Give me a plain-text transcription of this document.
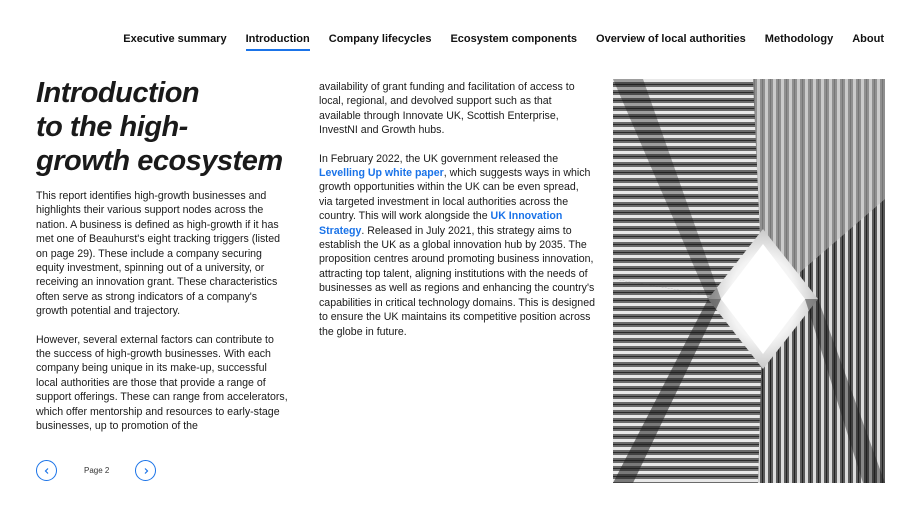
Executive summary Introduction Company lifecycles Ecosystem components Overview of local authorities Methodology About
Introduction
to the high-
growth ecosystem

This report identifies high-growth businesses and highlights their various support nodes across the nation. A business is defined as high-growth if it has met one of Beauhurst's eight tracking triggers (listed on page 29). These include a company securing equity investment, spinning out of a university, or receiving an innovation grant. These characteristics often serve as strong indicators of a company's growth potential and trajectory.

However, several external factors can contribute to the success of high-growth businesses. With each company being unique in its make-up, successful local authorities are those that provide a range of support offerings. These can range from accelerators, which offer mentorship and resources to early-stage businesses, up to promotion of the

availability of grant funding and facilitation of access to local, regional, and devolved support such as that available through Innovate UK, Scottish Enterprise, InvestNI and Growth hubs.

In February 2022, the UK government released the Levelling Up white paper, which suggests ways in which growth opportunities within the UK can be even spread, via targeted investment in local authorities across the country. This will work alongside the UK Innovation Strategy. Released in July 2021, this strategy aims to establish the UK as a global innovation hub by 2035. The proposition centres around promoting business innovation, attracting top talent, aligning institutions with the needs of businesses as well as regions and enhancing the country's capabilities in critical technology domains. This is designed to ensure the UK maintains its competitive position across the globe in future.

Page 2
